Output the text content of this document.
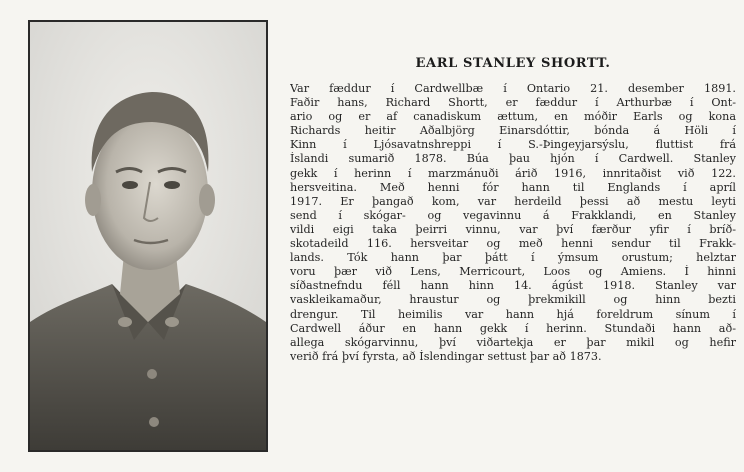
EARL STANLEY SHORTT.
Var fæddur í Cardwellbæ í Ontario 21. desember 1891.
Faðir hans, Richard Shortt, er fæddur í Arthurbæ í Ont-
ario og er af canadiskum ættum, en móðir Earls og kona
Richards heitir Aðalbjörg Einarsdóttir, bónda á Höli í
Kinn í Ljósavatnshreppi í S.-Þingeyjarsýslu, fluttist frá
Íslandi sumarið 1878. Búa þau hjón í Cardwell. Stanley
gekk í herinn í marzmánuði árið 1916, innritaðist við 122.
hersveitina. Með henni fór hann til Englands í apríl
1917. Er þangað kom, var herdeild þessi að mestu leyti
send í skógar- og vegavinnu á Frakklandi, en Stanley
vildi eigi taka þeirri vinnu, var því færður yfir í bríð-
skotadeild 116. hersveitar og með henni sendur til Frakk-
lands. Tók hann þar þátt í ýmsum orustum; helztar
voru þær við Lens, Merricourt, Loos og Amiens. Í hinni
síðastnefndu féll hann hinn 14. ágúst 1918. Stanley var
vaskleikamaður, hraustur og þrekmikill og hinn bezti
drengur. Til heimilis var hann hjá foreldrum sínum í
Cardwell áður en hann gekk í herinn. Stundaði hann að-
allega skógarvinnu, því viðartekja er þar mikil og hefir
verið frá því fyrsta, að Íslendingar settust þar að 1873.
